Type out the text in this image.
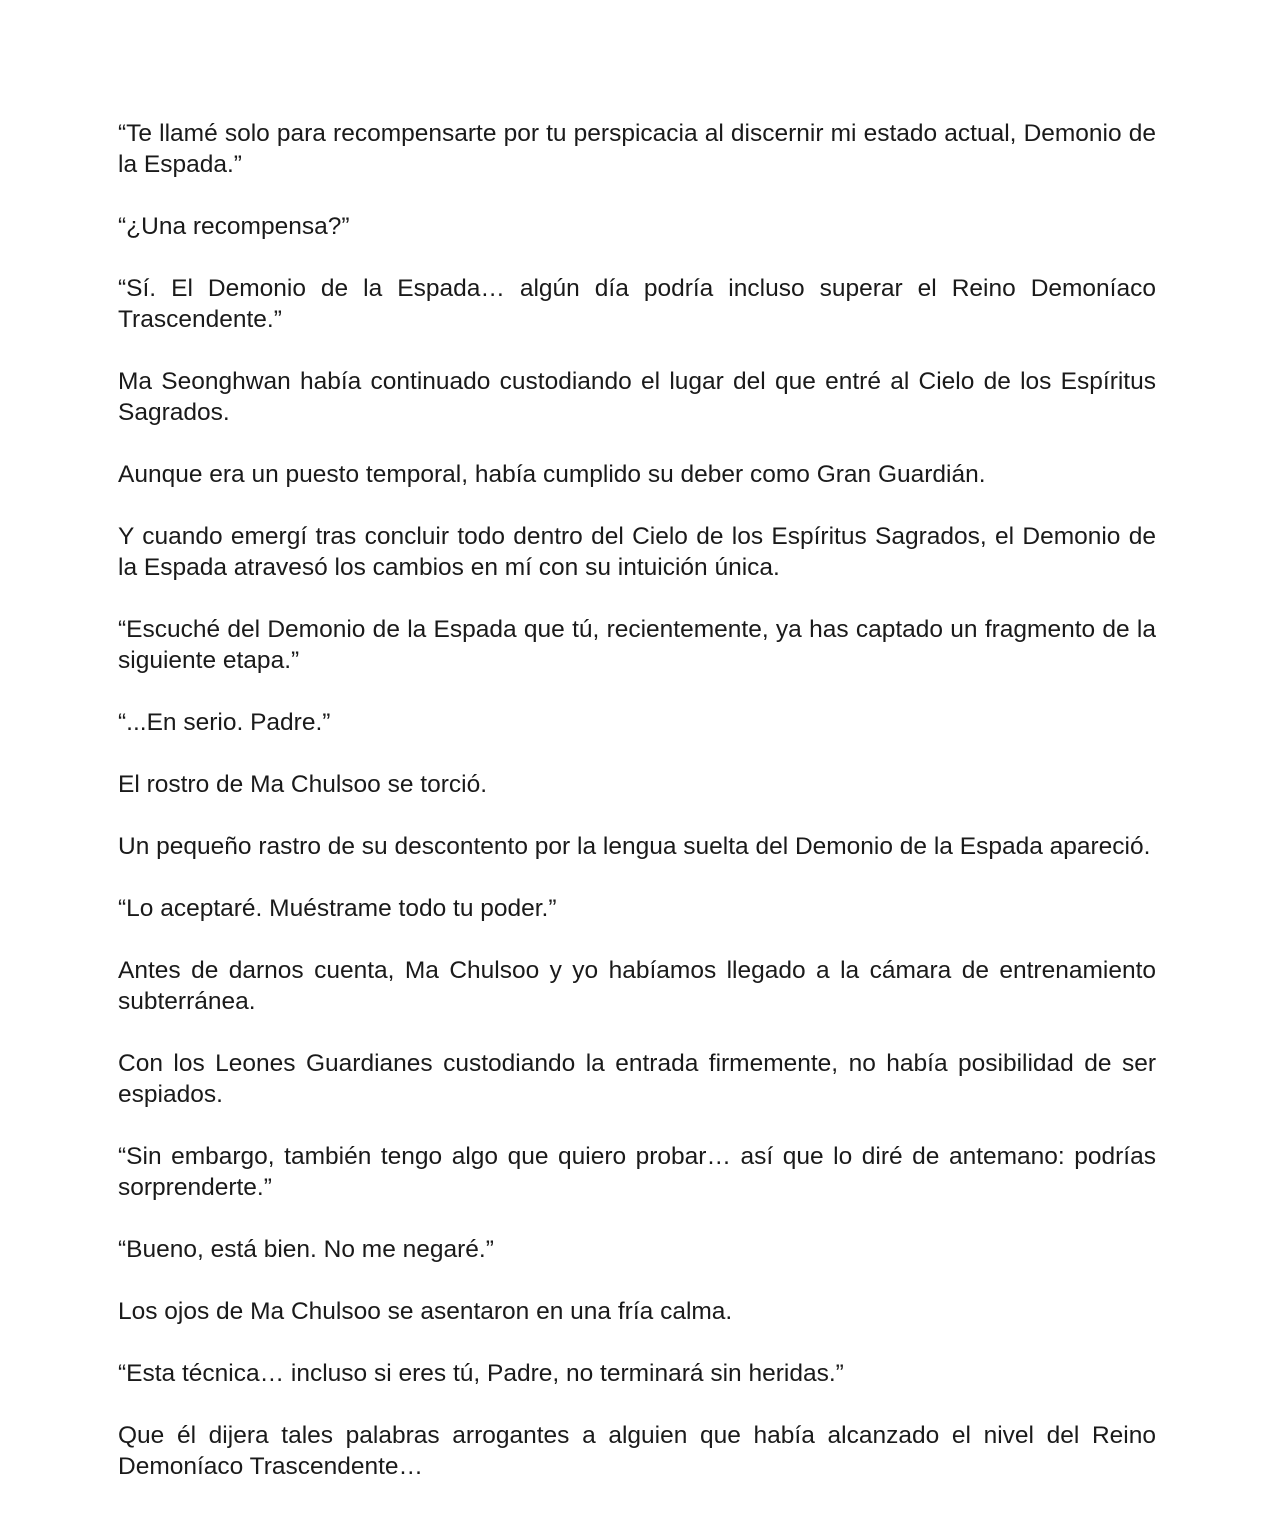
“Te llamé solo para recompensarte por tu perspicacia al discernir mi estado actual, Demonio de la Espada.”

“¿Una recompensa?”

“Sí. El Demonio de la Espada… algún día podría incluso superar el Reino Demoníaco Trascendente.”

Ma Seonghwan había continuado custodiando el lugar del que entré al Cielo de los Espíritus Sagrados.

Aunque era un puesto temporal, había cumplido su deber como Gran Guardián.

Y cuando emergí tras concluir todo dentro del Cielo de los Espíritus Sagrados, el Demonio de la Espada atravesó los cambios en mí con su intuición única.

“Escuché del Demonio de la Espada que tú, recientemente, ya has captado un fragmento de la siguiente etapa.”

“...En serio. Padre.”

El rostro de Ma Chulsoo se torció.

Un pequeño rastro de su descontento por la lengua suelta del Demonio de la Espada apareció.

“Lo aceptaré. Muéstrame todo tu poder.”

Antes de darnos cuenta, Ma Chulsoo y yo habíamos llegado a la cámara de entrenamiento subterránea.

Con los Leones Guardianes custodiando la entrada firmemente, no había posibilidad de ser espiados.

“Sin embargo, también tengo algo que quiero probar… así que lo diré de antemano: podrías sorprenderte.”

“Bueno, está bien. No me negaré.”

Los ojos de Ma Chulsoo se asentaron en una fría calma.

“Esta técnica… incluso si eres tú, Padre, no terminará sin heridas.”

Que él dijera tales palabras arrogantes a alguien que había alcanzado el nivel del Reino Demoníaco Trascendente…
